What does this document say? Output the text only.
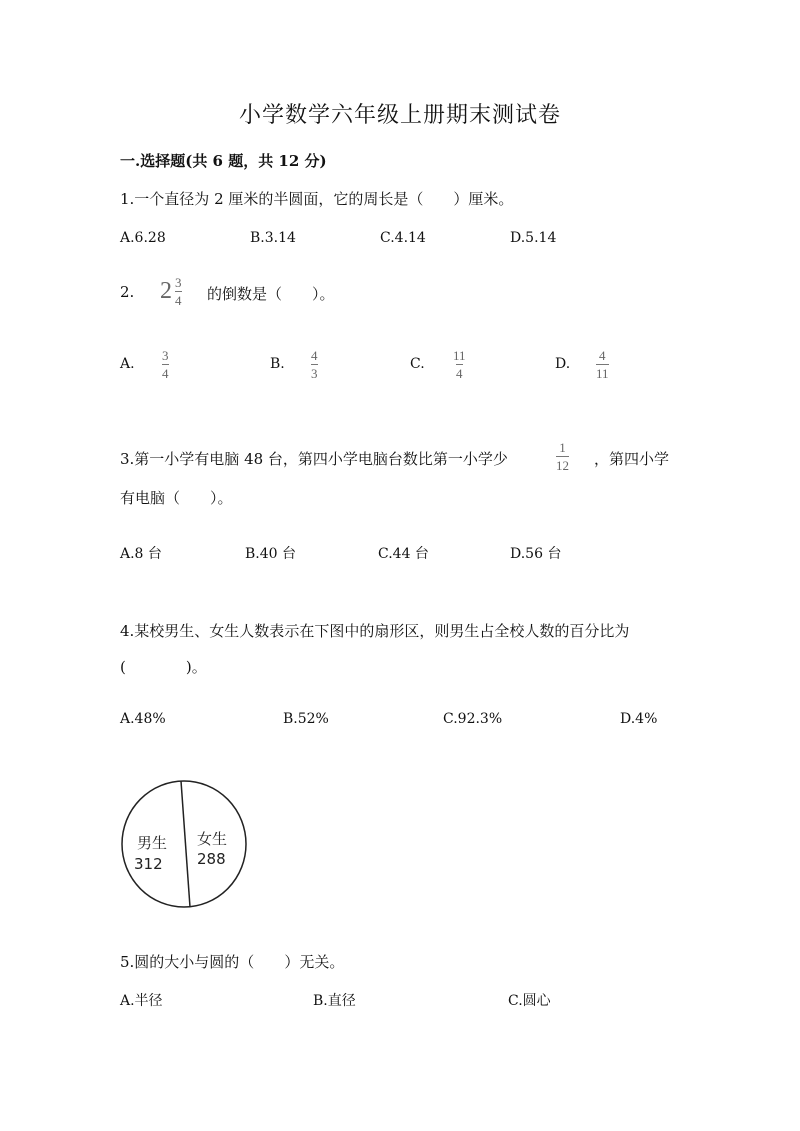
小学数学六年级上册期末测试卷
一.选择题(共 6 题，共 12 分)
1.一个直径为 2 厘米的半圆面，它的周长是（　　）厘米。
A.6.28	B.3.14	C.4.14	D.5.14
2. $2 \frac{3}{4}$ 的倒数是（　　）。
A. $\frac{3}{4}$	B. $\frac{4}{3}$	C. $\frac{11}{4}$	D. $\frac{4}{11}$
3.第一小学有电脑 48 台，第四小学电脑台数比第一小学少	$\frac{1}{12}$ ，第四小学
有电脑（　　）。
A.8 台	B.40 台	C.44 台	D.56 台
4.某校男生、女生人数表示在下图中的扇形区，则男生占全校人数的百分比为
(　　　　)。
A.48%	B.52%	C.92.3%	D.4%
男生
312
女生
288
5.圆的大小与圆的（　　）无关。
A.半径	B.直径	C.圆心
